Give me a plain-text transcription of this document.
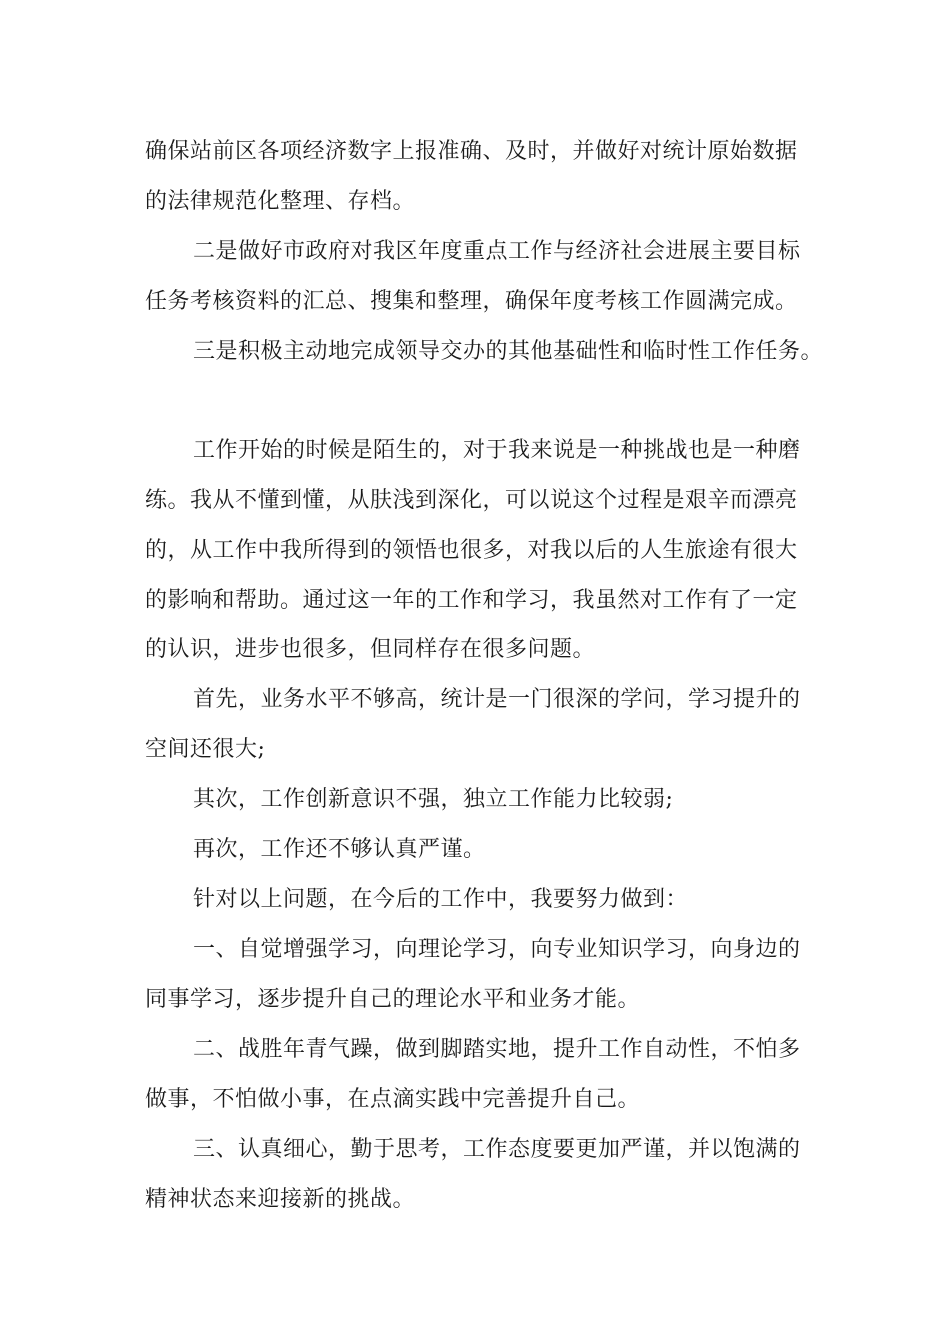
确保站前区各项经济数字上报准确、及时，并做好对统计原始数据
的法律规范化整理、存档。
二是做好市政府对我区年度重点工作与经济社会进展主要目标
任务考核资料的汇总、搜集和整理，确保年度考核工作圆满完成。
三是积极主动地完成领导交办的其他基础性和临时性工作任务。
工作开始的时候是陌生的，对于我来说是一种挑战也是一种磨
练。我从不懂到懂，从肤浅到深化，可以说这个过程是艰辛而漂亮
的，从工作中我所得到的领悟也很多，对我以后的人生旅途有很大
的影响和帮助。通过这一年的工作和学习，我虽然对工作有了一定
的认识，进步也很多，但同样存在很多问题。
首先，业务水平不够高，统计是一门很深的学问，学习提升的
空间还很大;
其次，工作创新意识不强，独立工作能力比较弱;
再次，工作还不够认真严谨。
针对以上问题，在今后的工作中，我要努力做到：
一、自觉增强学习，向理论学习，向专业知识学习，向身边的
同事学习，逐步提升自己的理论水平和业务才能。
二、战胜年青气躁，做到脚踏实地，提升工作自动性，不怕多
做事，不怕做小事，在点滴实践中完善提升自己。
三、认真细心，勤于思考，工作态度要更加严谨，并以饱满的
精神状态来迎接新的挑战。
